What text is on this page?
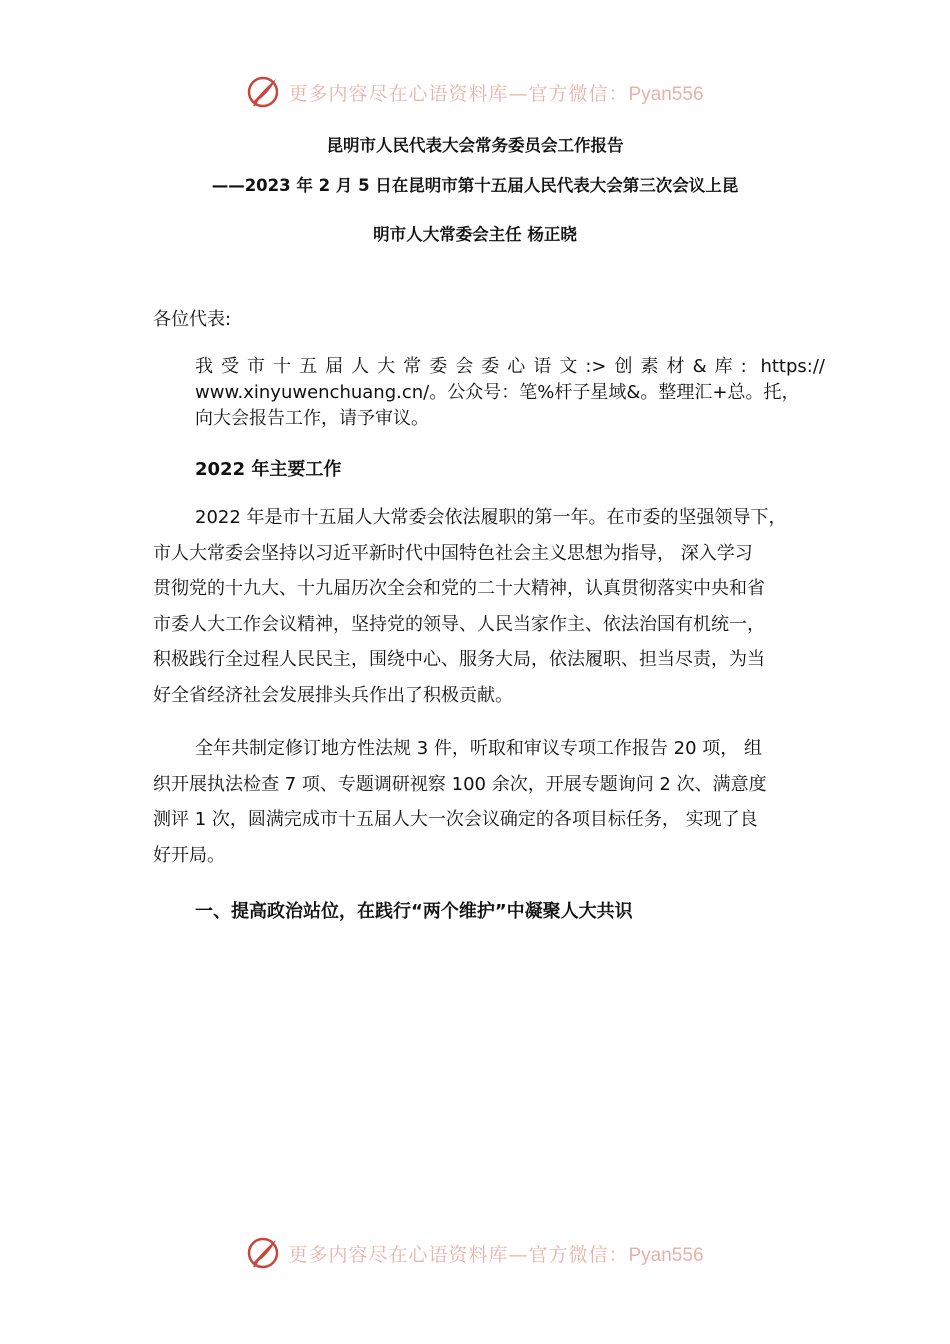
更多内容尽在心语资料库—官方微信：Pyan556
昆明市人民代表大会常务委员会工作报告
——2023 年 2 月 5 日在昆明市第十五届人民代表大会第三次会议上昆
明市人大常委会主任 杨正晓
各位代表:
我受市十五届人大常委会委心语文:>创素材&库: https://
www.xinyuwenchuang.cn/。公众号：笔%杆子星域&。整理汇+总。托，
向大会报告工作，请予审议。
2022 年主要工作
2022 年是市十五届人大常委会依法履职的第一年。在市委的坚强领导下，
市人大常委会坚持以习近平新时代中国特色社会主义思想为指导， 深入学习
贯彻党的十九大、十九届历次全会和党的二十大精神，认真贯彻落实中央和省
市委人大工作会议精神，坚持党的领导、人民当家作主、依法治国有机统一，
积极践行全过程人民民主，围绕中心、服务大局，依法履职、担当尽责，为当
好全省经济社会发展排头兵作出了积极贡献。
全年共制定修订地方性法规 3 件，听取和审议专项工作报告 20 项， 组
织开展执法检查 7 项、专题调研视察 100 余次，开展专题询问 2 次、满意度
测评 1 次，圆满完成市十五届人大一次会议确定的各项目标任务， 实现了良
好开局。
一、提高政治站位，在践行“两个维护”中凝聚人大共识
更多内容尽在心语资料库—官方微信：Pyan556
